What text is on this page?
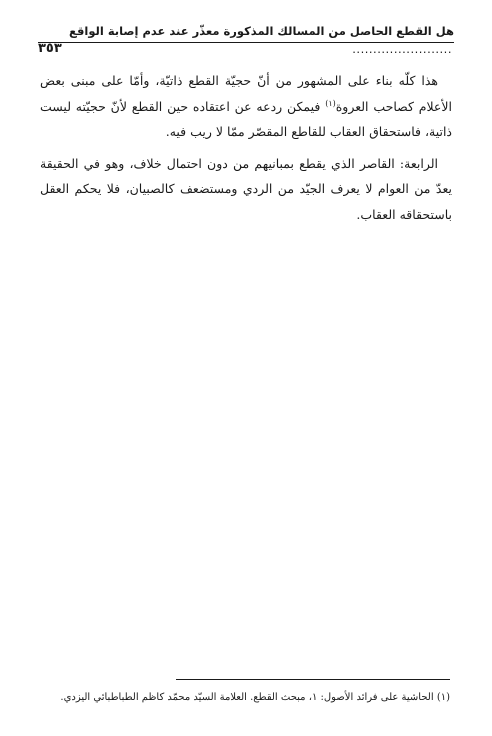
هل القطع الحاصل من المسالك المذكورة معذّر عند عدم إصابة الواقع
........................
٣٥٣

هذا كلّه بناء على المشهور من أنّ حجيّة القطع ذاتيّة، وأمّا على مبنى بعض الأعلام كصاحب العروة$^{(١)}$ فيمكن ردعه عن اعتقاده حين القطع لأنّ حجيّته ليست ذاتية، فاستحقاق العقاب للقاطع المقصّر ممّا لا ريب فيه.

الرابعة: القاصر الذي يقطع بمبانيهم من دون احتمال خلاف، وهو في الحقيقة يعدّ من العوام لا يعرف الجيّد من الردي ومستضعف كالصبيان، فلا يحكم العقل باستحقاقه العقاب.

(١) الحاشية على فرائد الأصول: ١، مبحث القطع. العلامة السيّد محمّد كاظم الطباطبائي اليزدي.
